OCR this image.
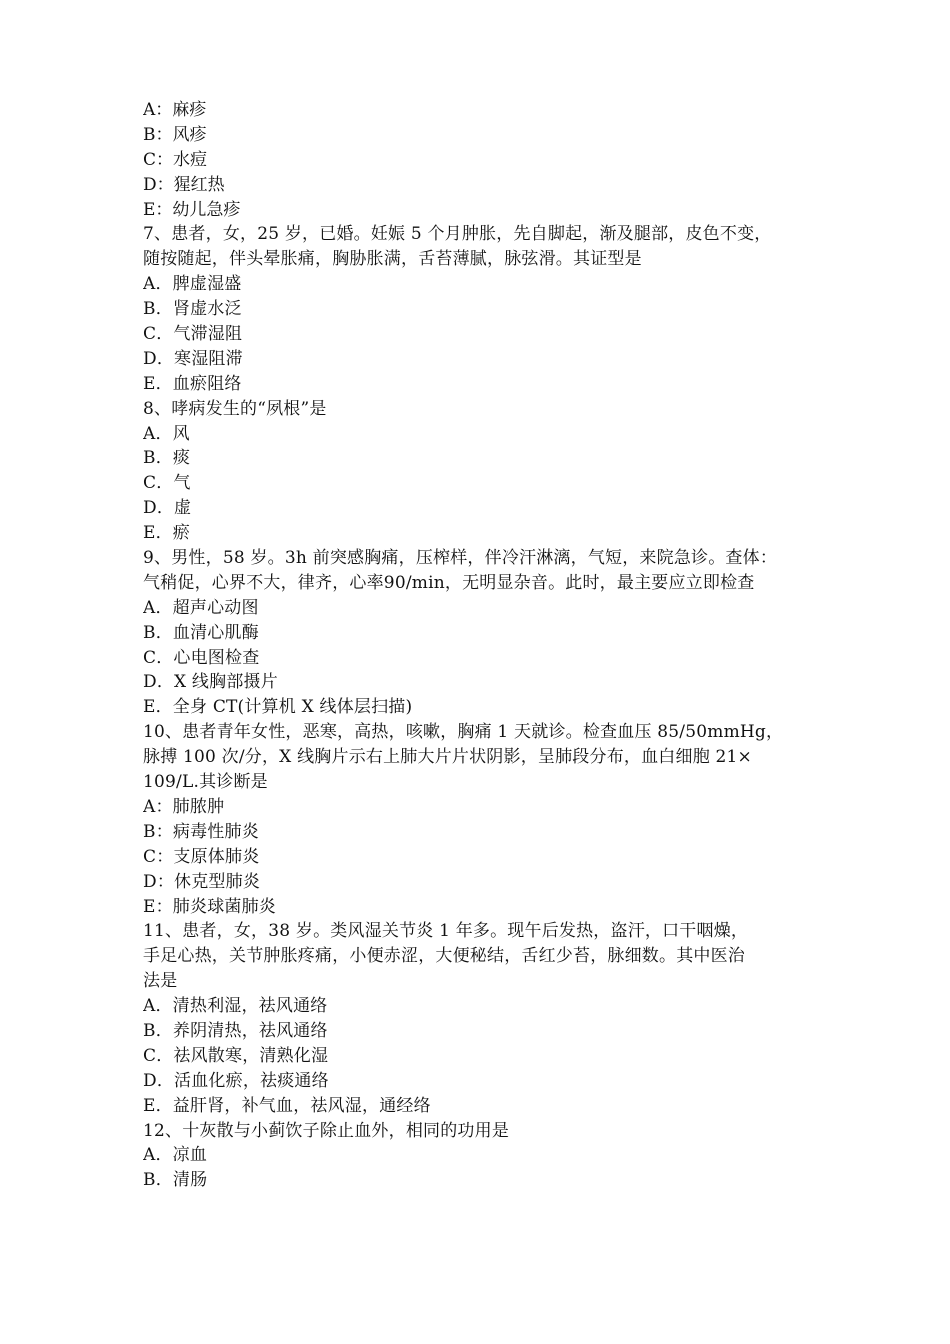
A：麻疹
B：风疹
C：水痘
D：猩红热
E：幼儿急疹
7、患者，女，25 岁，已婚。妊娠 5 个月肿胀，先自脚起，渐及腿部，皮色不变，
随按随起，伴头晕胀痛，胸胁胀满，舌苔薄腻，脉弦滑。其证型是
A．脾虚湿盛
B．肾虚水泛
C．气滞湿阻
D．寒湿阻滞
E．血瘀阻络
8、哮病发生的“夙根”是
A．风
B．痰
C．气
D．虚
E．瘀
9、男性，58 岁。3h 前突感胸痛，压榨样，伴冷汗淋漓，气短，来院急诊。查体：
气稍促，心界不大，律齐，心率90/min，无明显杂音。此时，最主要应立即检查
A．超声心动图
B．血清心肌酶
C．心电图检查
D．X 线胸部摄片
E．全身 CT(计算机 X 线体层扫描)
10、患者青年女性，恶寒，高热，咳嗽，胸痛 1 天就诊。检查血压 85/50mmHg，
脉搏 100 次/分，X 线胸片示右上肺大片片状阴影，呈肺段分布，血白细胞 21×
109/L.其诊断是
A：肺脓肿
B：病毒性肺炎
C：支原体肺炎
D：休克型肺炎
E：肺炎球菌肺炎
11、患者，女，38 岁。类风湿关节炎 1 年多。现午后发热，盗汗，口干咽燥，
手足心热，关节肿胀疼痛，小便赤涩，大便秘结，舌红少苔，脉细数。其中医治
法是
A．清热利湿，祛风通络
B．养阴清热，祛风通络
C．祛风散寒，清熟化湿
D．活血化瘀，祛痰通络
E．益肝肾，补气血，祛风湿，通经络
12、十灰散与小蓟饮子除止血外，相同的功用是
A．凉血
B．清肠
